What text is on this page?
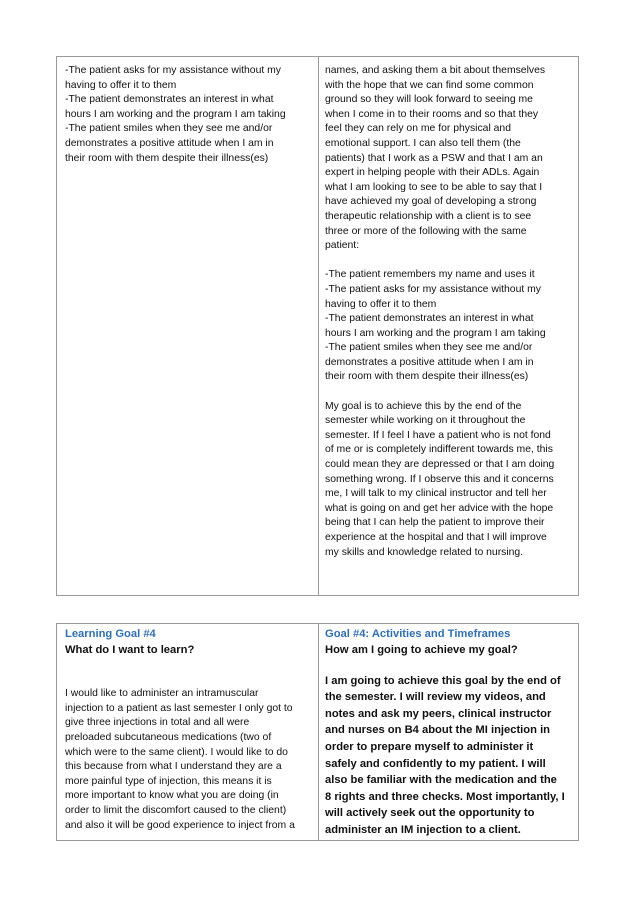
-The patient asks for my assistance without my
having to offer it to them
-The patient demonstrates an interest in what
hours I am working and the program I am taking
-The patient smiles when they see me and/or
demonstrates a positive attitude when I am in
their room with them despite their illness(es)
names, and asking them a bit about themselves
with the hope that we can find some common
ground so they will look forward to seeing me
when I come in to their rooms and so that they
feel they can rely on me for physical and
emotional support. I can also tell them (the
patients) that I work as a PSW and that I am an
expert in helping people with their ADLs. Again
what I am looking to see to be able to say that I
have achieved my goal of developing a strong
therapeutic relationship with a client is to see
three or more of the following with the same
patient:
-The patient remembers my name and uses it
-The patient asks for my assistance without my
having to offer it to them
-The patient demonstrates an interest in what
hours I am working and the program I am taking
-The patient smiles when they see me and/or
demonstrates a positive attitude when I am in
their room with them despite their illness(es)
My goal is to achieve this by the end of the
semester while working on it throughout the
semester. If I feel I have a patient who is not fond
of me or is completely indifferent towards me, this
could mean they are depressed or that I am doing
something wrong. If I observe this and it concerns
me, I will talk to my clinical instructor and tell her
what is going on and get her advice with the hope
being that I can help the patient to improve their
experience at the hospital and that I will improve
my skills and knowledge related to nursing.
Learning Goal #4
What do I want to learn?
I would like to administer an intramuscular
injection to a patient as last semester I only got to
give three injections in total and all were
preloaded subcutaneous medications (two of
which were to the same client). I would like to do
this because from what I understand they are a
more painful type of injection, this means it is
more important to know what you are doing (in
order to limit the discomfort caused to the client)
and also it will be good experience to inject from a
Goal #4: Activities and Timeframes
How am I going to achieve my goal?
I am going to achieve this goal by the end of
the semester. I will review my videos, and
notes and ask my peers, clinical instructor
and nurses on B4 about the MI injection in
order to prepare myself to administer it
safely and confidently to my patient. I will
also be familiar with the medication and the
8 rights and three checks. Most importantly, I
will actively seek out the opportunity to
administer an IM injection to a client.
